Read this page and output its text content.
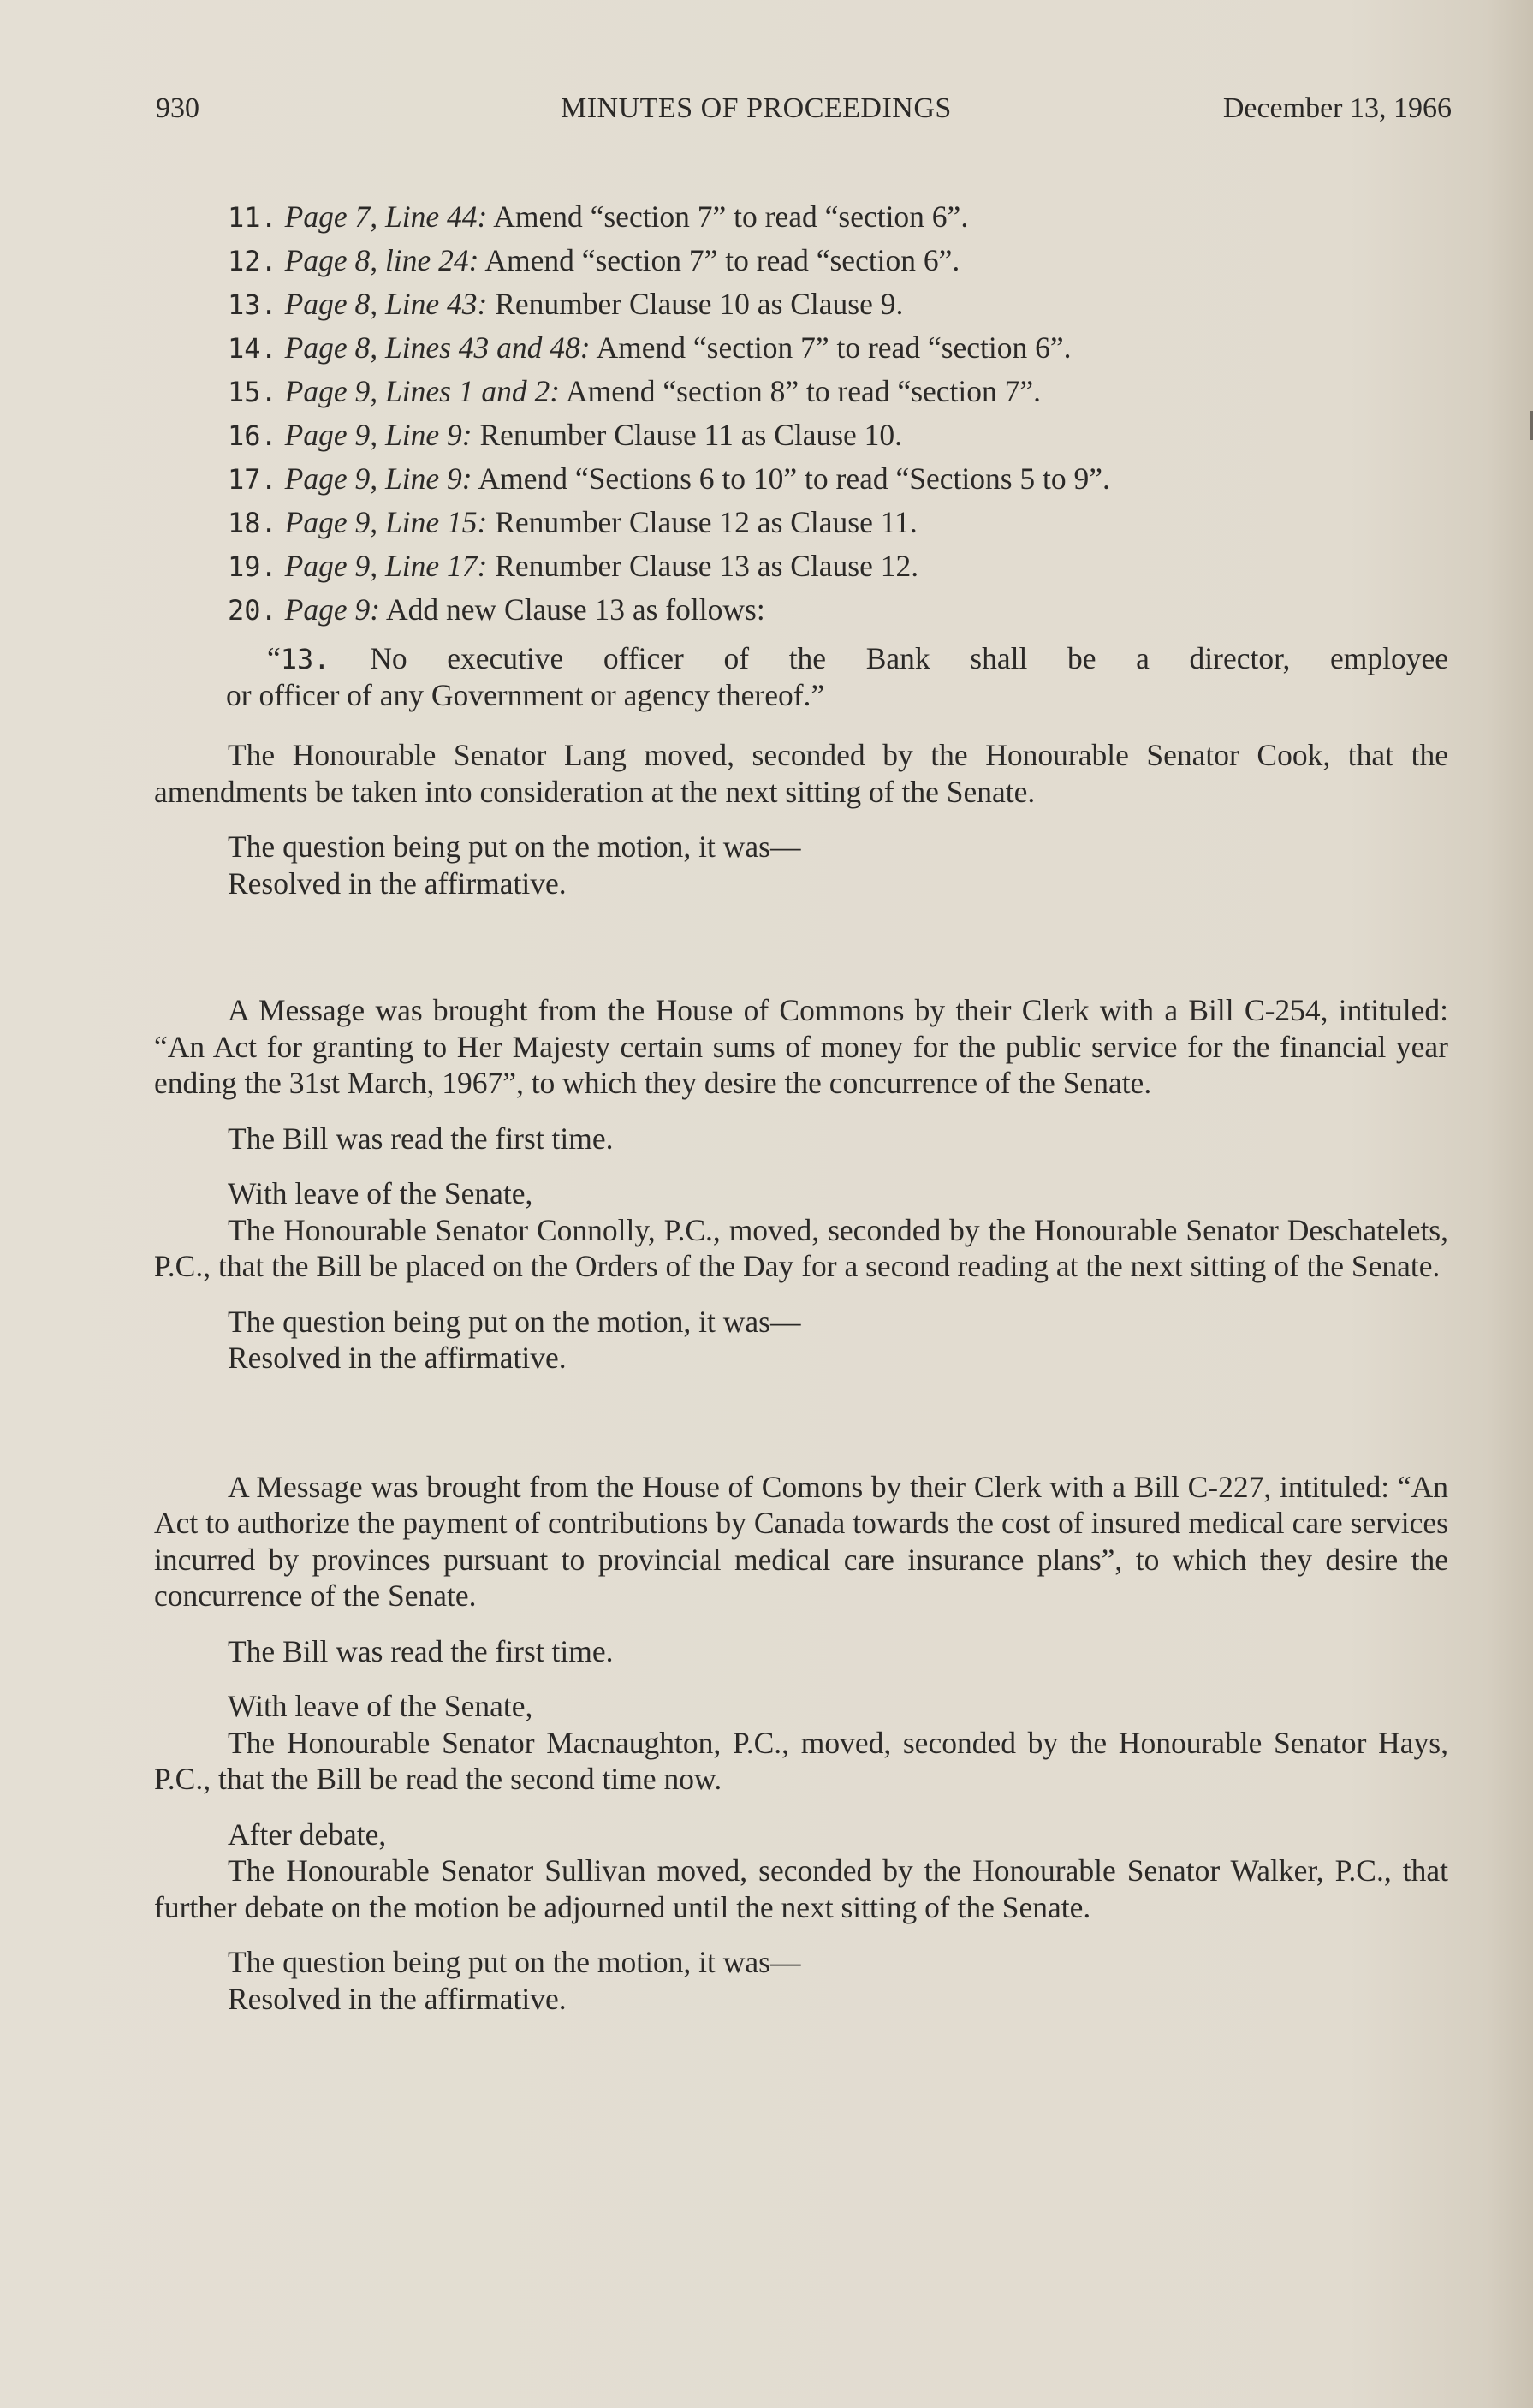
930	MINUTES OF PROCEEDINGS	December 13, 1966
11. Page 7, Line 44: Amend “section 7” to read “section 6”.
12. Page 8, line 24: Amend “section 7” to read “section 6”.
13. Page 8, Line 43: Renumber Clause 10 as Clause 9.
14. Page 8, Lines 43 and 48: Amend “section 7” to read “section 6”.
15. Page 9, Lines 1 and 2: Amend “section 8” to read “section 7”.
16. Page 9, Line 9: Renumber Clause 11 as Clause 10.
17. Page 9, Line 9: Amend “Sections 6 to 10” to read “Sections 5 to 9”.
18. Page 9, Line 15: Renumber Clause 12 as Clause 11.
19. Page 9, Line 17: Renumber Clause 13 as Clause 12.
20. Page 9: Add new Clause 13 as follows:
“13. No executive officer of the Bank shall be a director, employee
or officer of any Government or agency thereof.”

The Honourable Senator Lang moved, seconded by the Honourable Senator Cook, that the amendments be taken into consideration at the next sitting of the Senate.

The question being put on the motion, it was—

Resolved in the affirmative.

A Message was brought from the House of Commons by their Clerk with a Bill C-254, intituled: “An Act for granting to Her Majesty certain sums of money for the public service for the financial year ending the 31st March, 1967”, to which they desire the concurrence of the Senate.

The Bill was read the first time.

With leave of the Senate,

The Honourable Senator Connolly, P.C., moved, seconded by the Honourable Senator Deschatelets, P.C., that the Bill be placed on the Orders of the Day for a second reading at the next sitting of the Senate.

The question being put on the motion, it was—

Resolved in the affirmative.

A Message was brought from the House of Comons by their Clerk with a Bill C-227, intituled: “An Act to authorize the payment of contributions by Canada towards the cost of insured medical care services incurred by provinces pursuant to provincial medical care insurance plans”, to which they desire the concurrence of the Senate.

The Bill was read the first time.

With leave of the Senate,

The Honourable Senator Macnaughton, P.C., moved, seconded by the Honourable Senator Hays, P.C., that the Bill be read the second time now.

After debate,

The Honourable Senator Sullivan moved, seconded by the Honourable Senator Walker, P.C., that further debate on the motion be adjourned until the next sitting of the Senate.

The question being put on the motion, it was—

Resolved in the affirmative.
